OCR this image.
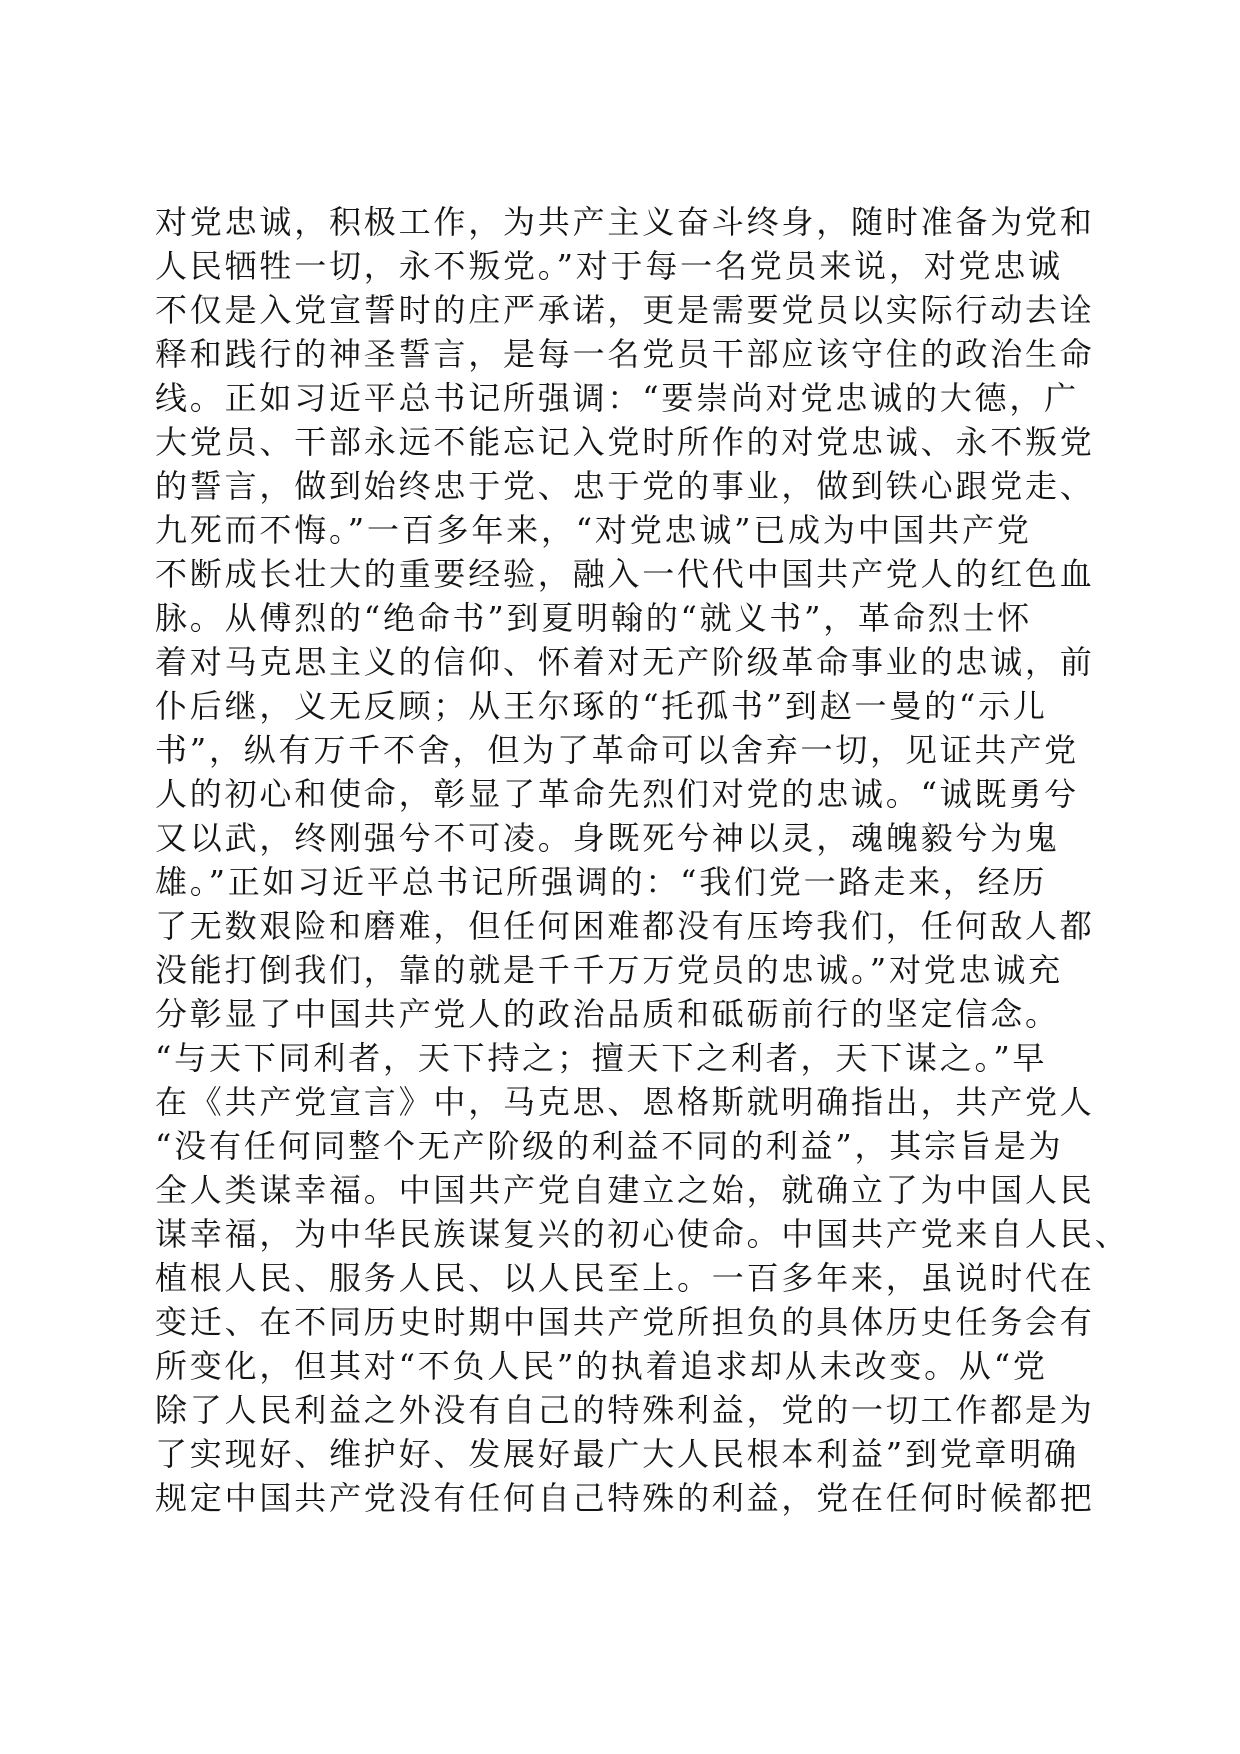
对党忠诚，积极工作，为共产主义奋斗终身，随时准备为党和
人民牺牲一切，永不叛党。”对于每一名党员来说，对党忠诚
不仅是入党宣誓时的庄严承诺，更是需要党员以实际行动去诠
释和践行的神圣誓言，是每一名党员干部应该守住的政治生命
线。正如习近平总书记所强调：“要崇尚对党忠诚的大德，广
大党员、干部永远不能忘记入党时所作的对党忠诚、永不叛党
的誓言，做到始终忠于党、忠于党的事业，做到铁心跟党走、
九死而不悔。”一百多年来，“对党忠诚”已成为中国共产党
不断成长壮大的重要经验，融入一代代中国共产党人的红色血
脉。从傅烈的“绝命书”到夏明翰的“就义书”，革命烈士怀
着对马克思主义的信仰、怀着对无产阶级革命事业的忠诚，前
仆后继，义无反顾；从王尔琢的“托孤书”到赵一曼的“示儿
书”，纵有万千不舍，但为了革命可以舍弃一切，见证共产党
人的初心和使命，彰显了革命先烈们对党的忠诚。“诚既勇兮
又以武，终刚强兮不可凌。身既死兮神以灵，魂魄毅兮为鬼
雄。”正如习近平总书记所强调的：“我们党一路走来，经历
了无数艰险和磨难，但任何困难都没有压垮我们，任何敌人都
没能打倒我们，靠的就是千千万万党员的忠诚。”对党忠诚充
分彰显了中国共产党人的政治品质和砥砺前行的坚定信念。
“与天下同利者，天下持之；擅天下之利者，天下谋之。”早
在《共产党宣言》中，马克思、恩格斯就明确指出，共产党人
“没有任何同整个无产阶级的利益不同的利益”，其宗旨是为
全人类谋幸福。中国共产党自建立之始，就确立了为中国人民
谋幸福，为中华民族谋复兴的初心使命。中国共产党来自人民、
植根人民、服务人民、以人民至上。一百多年来，虽说时代在
变迁、在不同历史时期中国共产党所担负的具体历史任务会有
所变化，但其对“不负人民”的执着追求却从未改变。从“党
除了人民利益之外没有自己的特殊利益，党的一切工作都是为
了实现好、维护好、发展好最广大人民根本利益”到党章明确
规定中国共产党没有任何自己特殊的利益，党在任何时候都把
